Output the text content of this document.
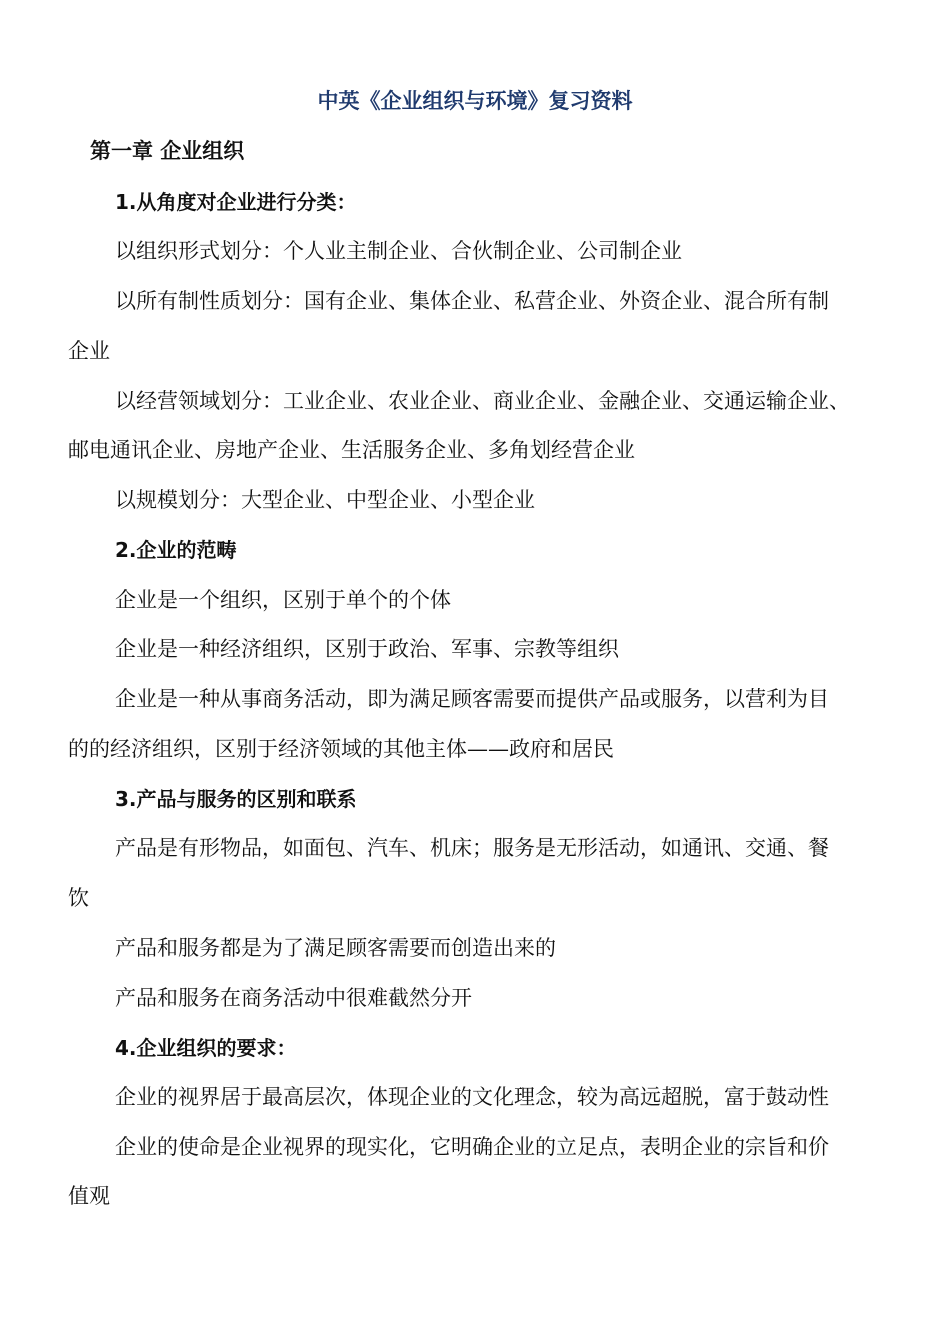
中英《企业组织与环境》复习资料
第一章 企业组织
1.从角度对企业进行分类：
以组织形式划分：个人业主制企业、合伙制企业、公司制企业
以所有制性质划分：国有企业、集体企业、私营企业、外资企业、混合所有制
企业
以经营领域划分：工业企业、农业企业、商业企业、金融企业、交通运输企业、
邮电通讯企业、房地产企业、生活服务企业、多角划经营企业
以规模划分：大型企业、中型企业、小型企业
2.企业的范畴
企业是一个组织，区别于单个的个体
企业是一种经济组织，区别于政治、军事、宗教等组织
企业是一种从事商务活动，即为满足顾客需要而提供产品或服务，以营利为目
的的经济组织，区别于经济领域的其他主体——政府和居民
3.产品与服务的区别和联系
产品是有形物品，如面包、汽车、机床；服务是无形活动，如通讯、交通、餐
饮
产品和服务都是为了满足顾客需要而创造出来的
产品和服务在商务活动中很难截然分开
4.企业组织的要求：
企业的视界居于最高层次，体现企业的文化理念，较为高远超脱，富于鼓动性
企业的使命是企业视界的现实化，它明确企业的立足点，表明企业的宗旨和价
值观
